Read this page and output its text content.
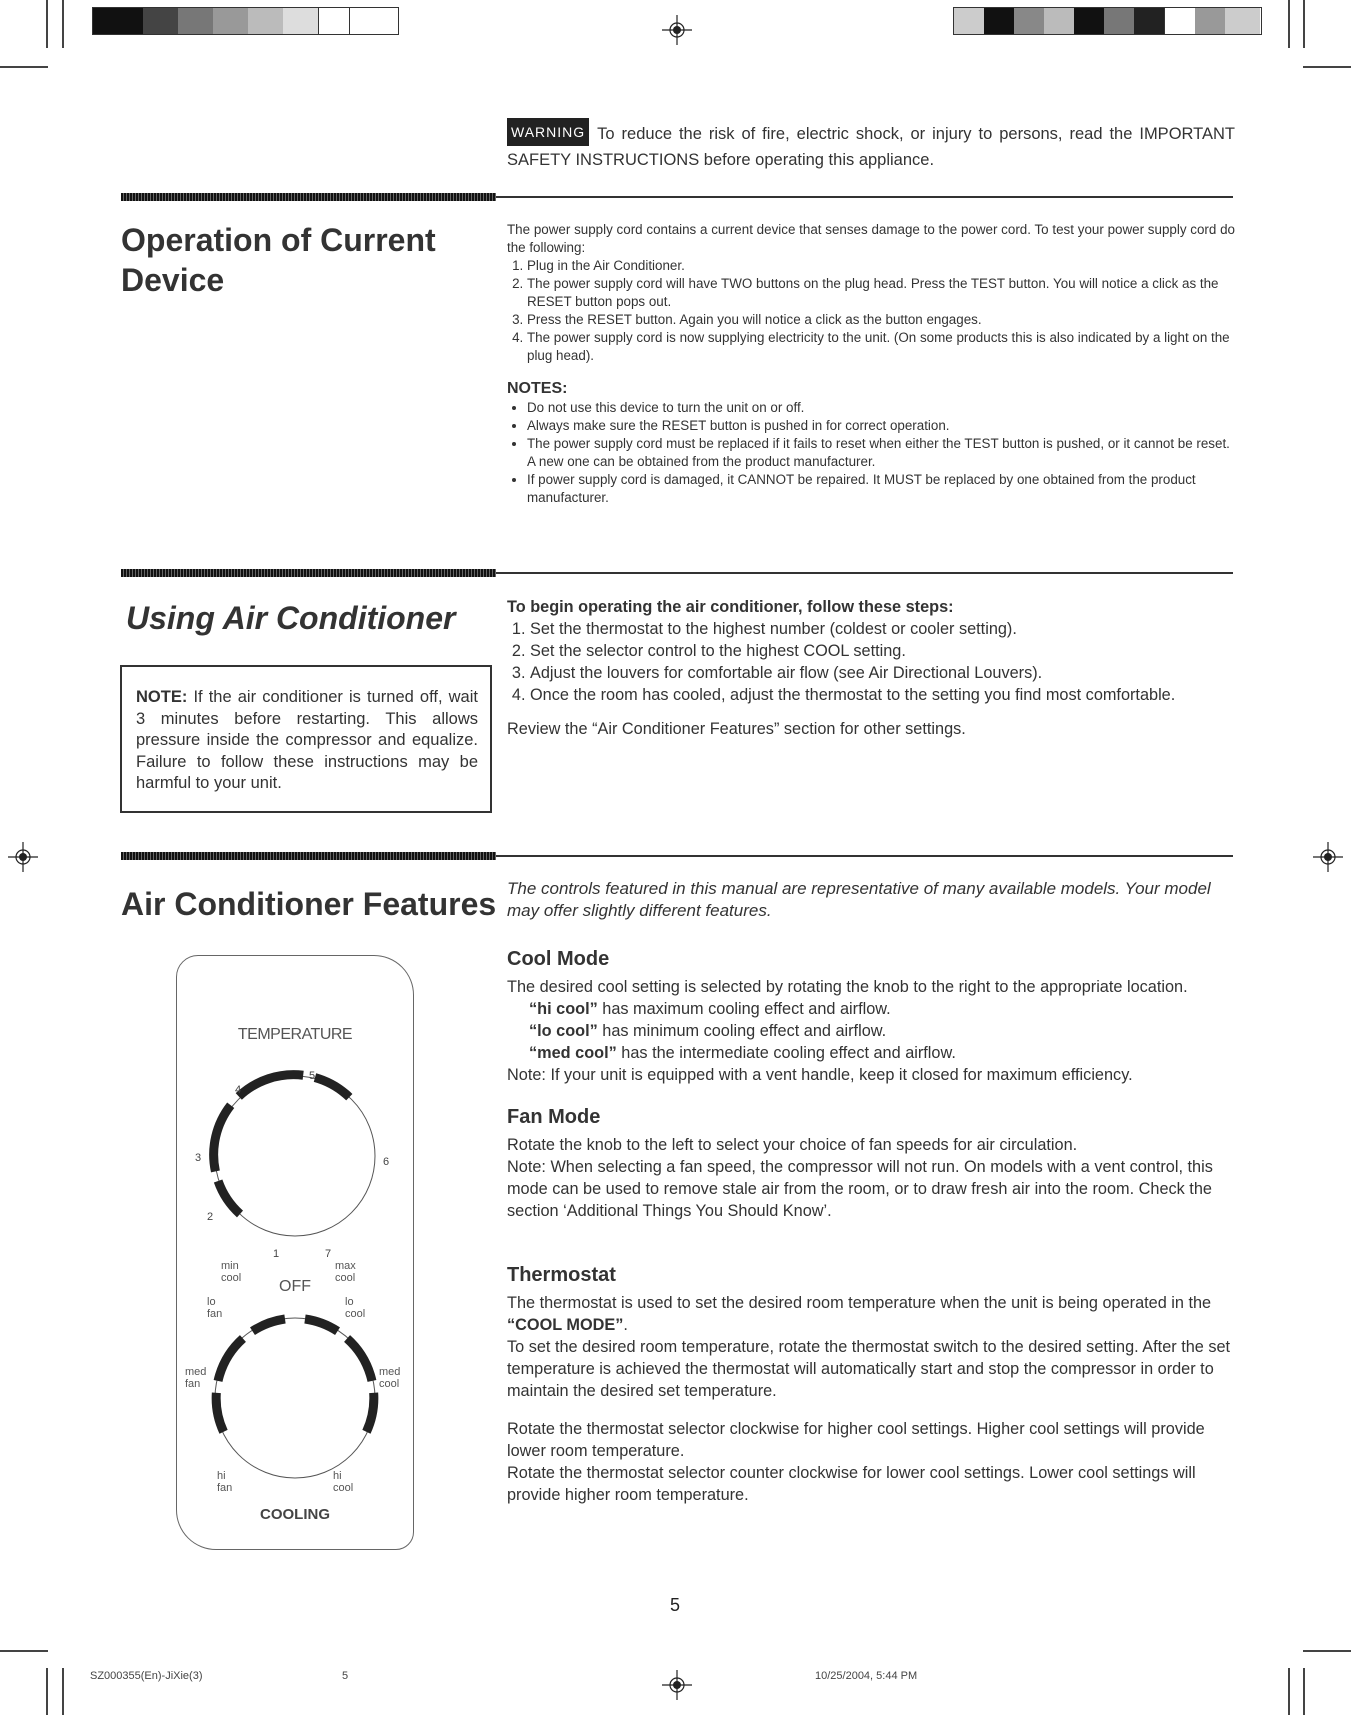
WARNING To reduce the risk of fire, electric shock, or injury to persons, read the IMPORTANT SAFETY INSTRUCTIONS before operating this appliance.
Operation of Current Device
The power supply cord contains a current device that senses damage to the power cord. To test your power supply cord do the following:
1. Plug in the Air Conditioner.
2. The power supply cord will have TWO buttons on the plug head. Press the TEST button. You will notice a click as the RESET button pops out.
3. Press the RESET button. Again you will notice a click as the button engages.
4. The power supply cord is now supplying electricity to the unit. (On some products this is also indicated by a light on the plug head).
NOTES:
• Do not use this device to turn the unit on or off.
• Always make sure the RESET button is pushed in for correct operation.
• The power supply cord must be replaced if it fails to reset when either the TEST button is pushed, or it cannot be reset. A new one can be obtained from the product manufacturer.
• If power supply cord is damaged, it CANNOT be repaired. It MUST be replaced by one obtained from the product manufacturer.
Using Air Conditioner
NOTE: If the air conditioner is turned off, wait 3 minutes before restarting. This allows pressure inside the compressor and equalize. Failure to follow these instructions may be harmful to your unit.
To begin operating the air conditioner, follow these steps:
1. Set the thermostat to the highest number (coldest or cooler setting).
2. Set the selector control to the highest COOL setting.
3. Adjust the louvers for comfortable air flow (see Air Directional Louvers).
4. Once the room has cooled, adjust the thermostat to the setting you find most comfortable.
Review the “Air Conditioner Features” section for other settings.
Air Conditioner Features The controls featured in this manual are representative of many available models. Your model may offer slightly different features.
Cool Mode
The desired cool setting is selected by rotating the knob to the right to the appropriate location.
“hi cool” has maximum cooling effect and airflow.
“lo cool” has minimum cooling effect and airflow.
“med cool” has the intermediate cooling effect and airflow.
Note: If your unit is equipped with a vent handle, keep it closed for maximum efficiency.
Fan Mode
Rotate the knob to the left to select your choice of fan speeds for air circulation.
Note: When selecting a fan speed, the compressor will not run. On models with a vent control, this mode can be used to remove stale air from the room, or to draw fresh air into the room. Check the section ‘Additional Things You Should Know’.
Thermostat
The thermostat is used to set the desired room temperature when the unit is being operated in the “COOL MODE”.
To set the desired room temperature, rotate the thermostat switch to the desired setting. After the set temperature is achieved the thermostat will automatically start and stop the compressor in order to maintain the desired set temperature.
Rotate the thermostat selector clockwise for higher cool settings. Higher cool settings will provide lower room temperature.
Rotate the thermostat selector counter clockwise for lower cool settings. Lower cool settings will provide higher room temperature.
TEMPERATURE
1
2
3
4
5
6
7
min cool
max cool
OFF
lo fan
lo cool
med fan
med cool
hi fan
hi cool
COOLING
5
SZ000355(En)-JiXie(3)	5	10/25/2004, 5:44 PM
